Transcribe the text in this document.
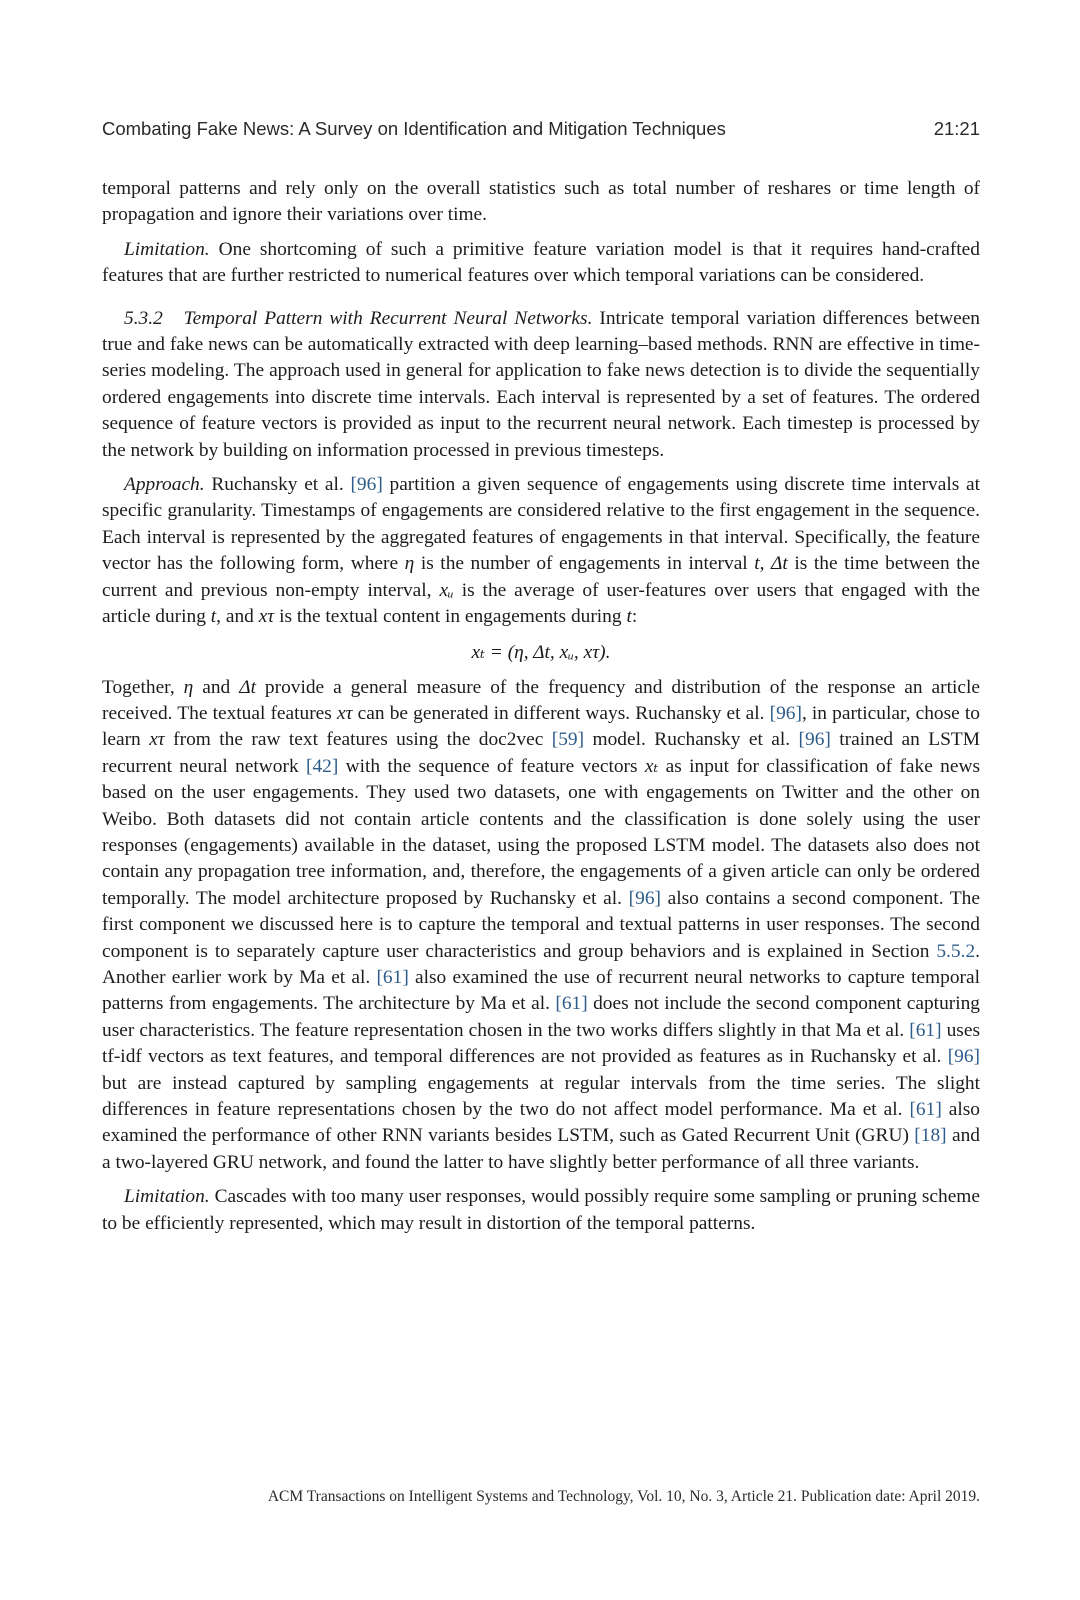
Combating Fake News: A Survey on Identification and Mitigation Techniques	21:21

temporal patterns and rely only on the overall statistics such as total number of reshares or time length of propagation and ignore their variations over time.

Limitation. One shortcoming of such a primitive feature variation model is that it requires hand-crafted features that are further restricted to numerical features over which temporal variations can be considered.

5.3.2 Temporal Pattern with Recurrent Neural Networks. Intricate temporal variation differences between true and fake news can be automatically extracted with deep learning–based methods. RNN are effective in time-series modeling. The approach used in general for application to fake news detection is to divide the sequentially ordered engagements into discrete time intervals. Each interval is represented by a set of features. The ordered sequence of feature vectors is provided as input to the recurrent neural network. Each timestep is processed by the network by building on information processed in previous timesteps.

Approach. Ruchansky et al. [96] partition a given sequence of engagements using discrete time intervals at specific granularity. Timestamps of engagements are considered relative to the first engagement in the sequence. Each interval is represented by the aggregated features of engagements in that interval. Specifically, the feature vector has the following form, where η is the number of engagements in interval t, Δt is the time between the current and previous non-empty interval, xᵤ is the average of user-features over users that engaged with the article during t, and xτ is the textual content in engagements during t:

xₜ = (η, Δt, xᵤ, xτ).

Together, η and Δt provide a general measure of the frequency and distribution of the response an article received. The textual features xτ can be generated in different ways. Ruchansky et al. [96], in particular, chose to learn xτ from the raw text features using the doc2vec [59] model. Ruchansky et al. [96] trained an LSTM recurrent neural network [42] with the sequence of feature vectors xₜ as input for classification of fake news based on the user engagements. They used two datasets, one with engagements on Twitter and the other on Weibo. Both datasets did not contain article contents and the classification is done solely using the user responses (engagements) available in the dataset, using the proposed LSTM model. The datasets also does not contain any propagation tree information, and, therefore, the engagements of a given article can only be ordered temporally. The model architecture proposed by Ruchansky et al. [96] also contains a second component. The first component we discussed here is to capture the temporal and textual patterns in user responses. The second component is to separately capture user characteristics and group behaviors and is explained in Section 5.5.2. Another earlier work by Ma et al. [61] also examined the use of recurrent neural networks to capture temporal patterns from engagements. The architecture by Ma et al. [61] does not include the second component capturing user characteristics. The feature representation chosen in the two works differs slightly in that Ma et al. [61] uses tf-idf vectors as text features, and temporal differences are not provided as features as in Ruchansky et al. [96] but are instead captured by sampling engagements at regular intervals from the time series. The slight differences in feature representations chosen by the two do not affect model performance. Ma et al. [61] also examined the performance of other RNN variants besides LSTM, such as Gated Recurrent Unit (GRU) [18] and a two-layered GRU network, and found the latter to have slightly better performance of all three variants.

Limitation. Cascades with too many user responses, would possibly require some sampling or pruning scheme to be efficiently represented, which may result in distortion of the temporal patterns.

ACM Transactions on Intelligent Systems and Technology, Vol. 10, No. 3, Article 21. Publication date: April 2019.
